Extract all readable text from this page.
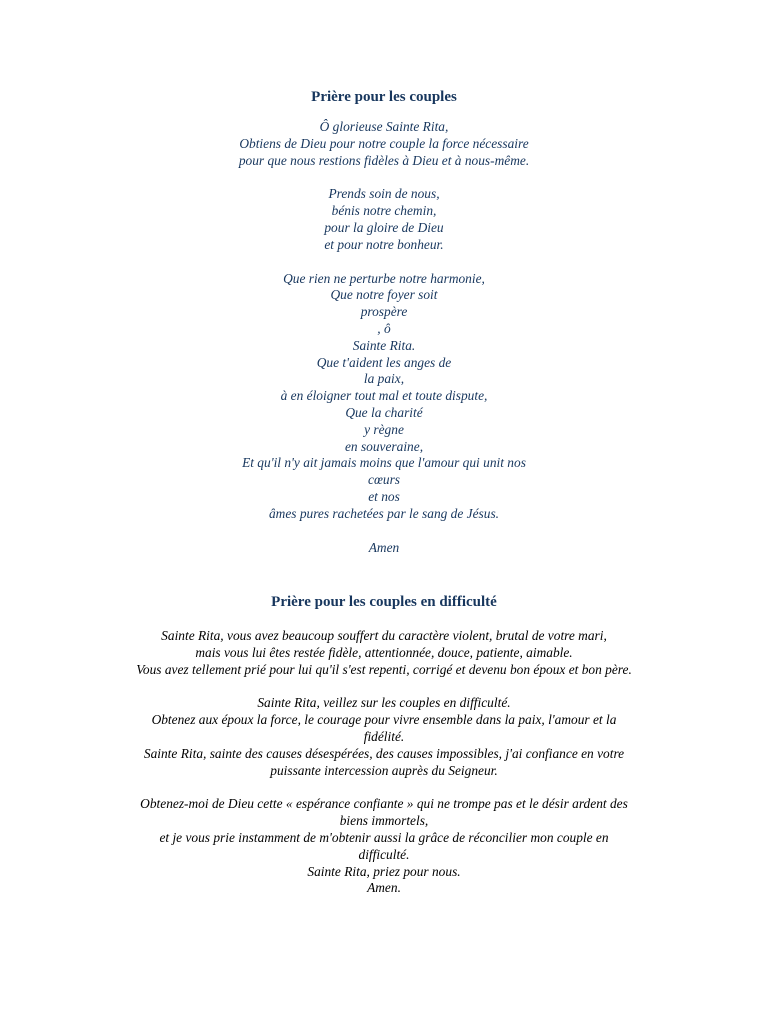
Prière pour les couples
Ô glorieuse Sainte Rita,
Obtiens de Dieu pour notre couple la force nécessaire
pour que nous restions fidèles à Dieu et à nous-même.
Prends soin de nous,
bénis notre chemin,
pour la gloire de Dieu
et pour notre bonheur.
Que rien ne perturbe notre harmonie,
Que notre foyer soit
prospère
, ô
Sainte Rita.
Que t'aident les anges de
la paix,
à en éloigner tout mal et toute dispute,
Que la charité
y règne
en souveraine,
Et qu'il n'y ait jamais moins que l'amour qui unit nos
cœurs
et nos
âmes pures rachetées par le sang de Jésus.
Amen
Prière pour les couples en difficulté
Sainte Rita, vous avez beaucoup souffert du caractère violent, brutal de votre mari,
mais vous lui êtes restée fidèle, attentionnée, douce, patiente, aimable.
Vous avez tellement prié pour lui qu'il s'est repenti, corrigé et devenu bon époux et bon père.
Sainte Rita, veillez sur les couples en difficulté.
Obtenez aux époux la force, le courage pour vivre ensemble dans la paix, l'amour et la
fidélité.
Sainte Rita, sainte des causes désespérées, des causes impossibles, j'ai confiance en votre
puissante intercession auprès du Seigneur.
Obtenez-moi de Dieu cette « espérance confiante » qui ne trompe pas et le désir ardent des
biens immortels,
et je vous prie instamment de m'obtenir aussi la grâce de réconcilier mon couple en
difficulté.
Sainte Rita, priez pour nous.
Amen.
